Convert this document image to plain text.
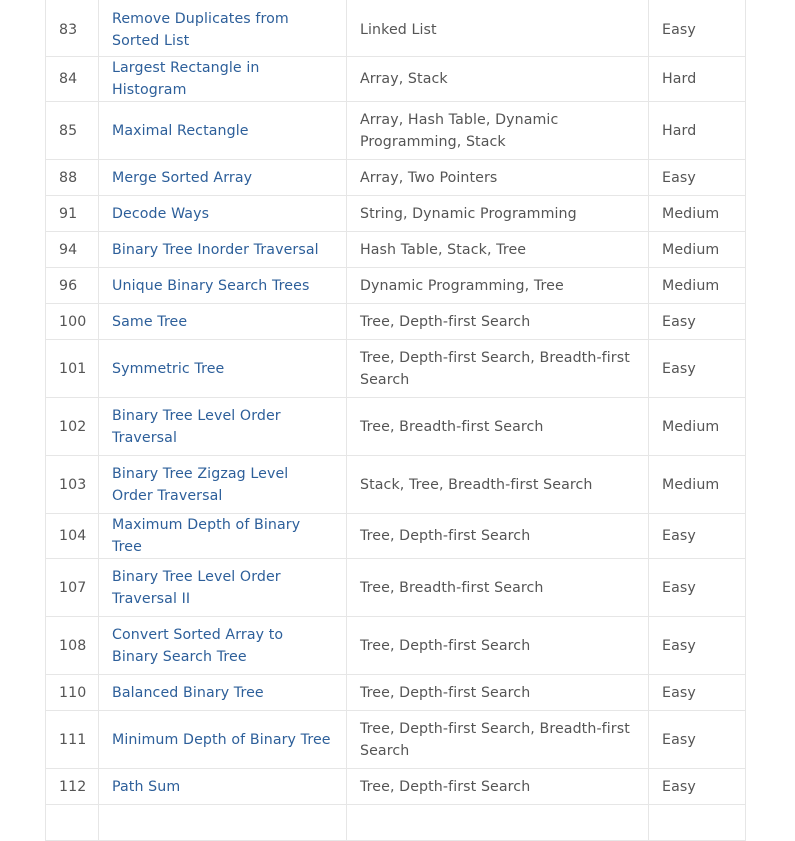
83	Remove Duplicates from Sorted List	Linked List	Easy
84	Largest Rectangle in Histogram	Array, Stack	Hard
85	Maximal Rectangle	Array, Hash Table, Dynamic Programming, Stack	Hard
88	Merge Sorted Array	Array, Two Pointers	Easy
91	Decode Ways	String, Dynamic Programming	Medium
94	Binary Tree Inorder Traversal	Hash Table, Stack, Tree	Medium
96	Unique Binary Search Trees	Dynamic Programming, Tree	Medium
100	Same Tree	Tree, Depth-first Search	Easy
101	Symmetric Tree	Tree, Depth-first Search, Breadth-first Search	Easy
102	Binary Tree Level Order Traversal	Tree, Breadth-first Search	Medium
103	Binary Tree Zigzag Level Order Traversal	Stack, Tree, Breadth-first Search	Medium
104	Maximum Depth of Binary Tree	Tree, Depth-first Search	Easy
107	Binary Tree Level Order Traversal II	Tree, Breadth-first Search	Easy
108	Convert Sorted Array to Binary Search Tree	Tree, Depth-first Search	Easy
110	Balanced Binary Tree	Tree, Depth-first Search	Easy
111	Minimum Depth of Binary Tree	Tree, Depth-first Search, Breadth-first Search	Easy
112	Path Sum	Tree, Depth-first Search	Easy
